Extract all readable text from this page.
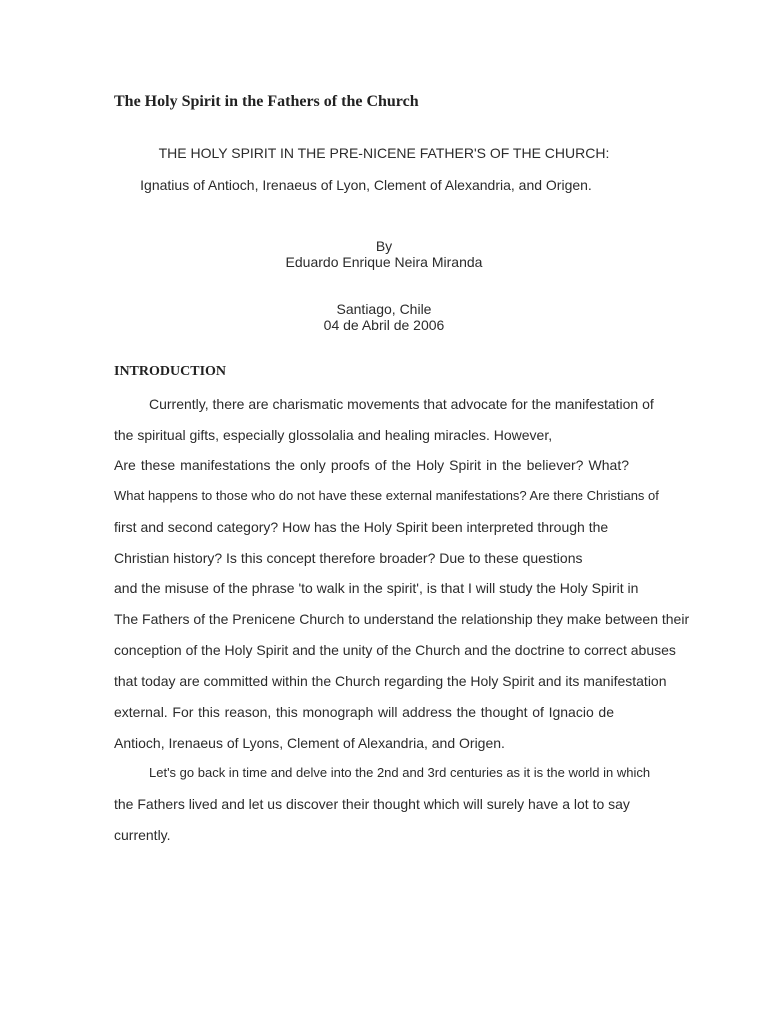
The Holy Spirit in the Fathers of the Church
THE HOLY SPIRIT IN THE PRE-NICENE FATHER'S OF THE CHURCH:
Ignatius of Antioch, Irenaeus of Lyon, Clement of Alexandria, and Origen.
By
Eduardo Enrique Neira Miranda
Santiago, Chile
04 de Abril de 2006
INTRODUCTION
Currently, there are charismatic movements that advocate for the manifestation of
the spiritual gifts, especially glossolalia and healing miracles. However,
Are these manifestations the only proofs of the Holy Spirit in the believer? What?
What happens to those who do not have these external manifestations? Are there Christians of
first and second category? How has the Holy Spirit been interpreted through the
Christian history? Is this concept therefore broader? Due to these questions
and the misuse of the phrase 'to walk in the spirit', is that I will study the Holy Spirit in
The Fathers of the Prenicene Church to understand the relationship they make between their
conception of the Holy Spirit and the unity of the Church and the doctrine to correct abuses
that today are committed within the Church regarding the Holy Spirit and its manifestation
external. For this reason, this monograph will address the thought of Ignacio de
Antioch, Irenaeus of Lyons, Clement of Alexandria, and Origen.
Let's go back in time and delve into the 2nd and 3rd centuries as it is the world in which
the Fathers lived and let us discover their thought which will surely have a lot to say
currently.
